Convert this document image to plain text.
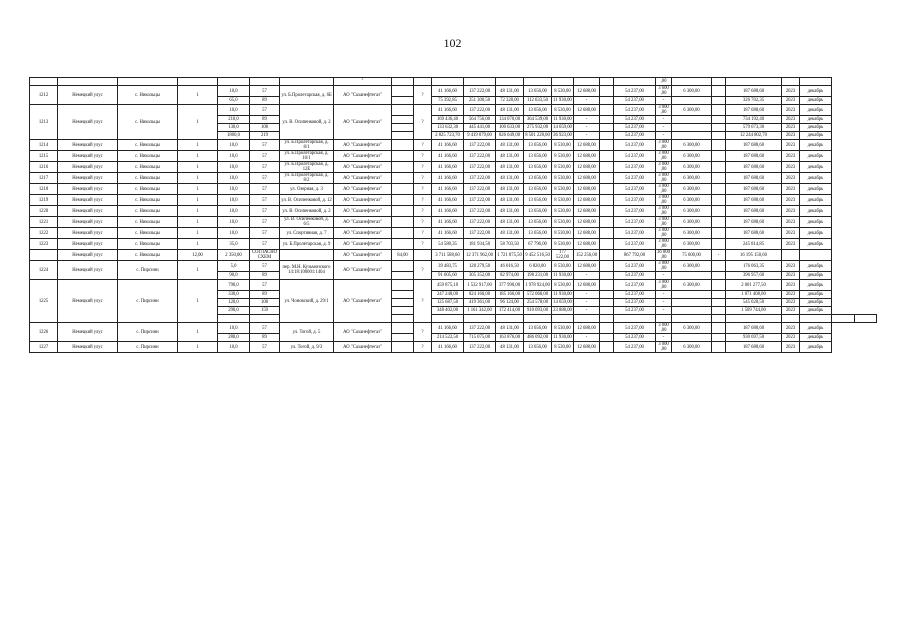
102
							"											,00							
1212	Немецкий улус	с. Никольцы	1	10,0	57	ул. Б.Пролетарская, д. 6Б	АО "Саханефтегаз"		?	41 166,60	137 222,00	48 131,00	13 656,00	8 530,00	12 688,00		54 237,00	3 600 ,00	6 300,00		187 688,60	2023	декабрь		
				65,0	89					75 392,85	251 300,50	72 328,00	112 633,50	11 930,00	-		54 237,00	-			326 702,35	2023	декабрь		
1213	Немецкий улус	с. Никольцы	1	10,0	57	ул. В. Осипенковой, д. 2	АО "Саханефтегаз"		?	41 166,60	137 222,00	48 131,00	13 656,00	8 530,00	12 688,00		54 237,00	3 000 ,00	6 300,00		187 688,60	2023	декабрь		
				210,0	89					169 436,40	564 756,00	134 070,00	364 539,00	11 930,00	-		54 237,00	-			734 192,40	2023	декабрь		
				130,0	108					133 632,30	445 441,00	100 633,00	275 932,00	14 659,00	-		54 237,00	-			579 073,30	2023	декабрь		
				1800,0	219					2 825 723,70	9 419 079,00	826 649,00	8 501 228,00	36 923,00	-		54 237,00	-			12 244 802,70	2023	декабрь		
1214	Немецкий улус	с. Никольцы	1	10,0	57	ул. Б.Пролетарская, д. 8/1	АО "Саханефтегаз"		?	41 166,60	137 222,00	48 131,00	13 656,00	8 530,00	12 688,00		54 237,00	3 000 ,00	6 300,00		187 688,60	2023	декабрь		
1215	Немецкий улус	с. Никольцы	1	10,0	57	ул. Б.Пролетарская, д. 10/1	АО "Саханефтегаз"		?	41 166,60	137 222,00	48 131,00	13 656,00	8 530,00	12 688,00		54 237,00	3 000 ,00	6 300,00		187 688,60	2023	декабрь		
1216	Немецкий улус	с. Никольцы	1	10,0	57	ул. Б.Пролетарская, д. 12Е	АО "Саханефтегаз"		?	41 166,60	137 222,00	48 131,00	13 656,00	8 530,00	12 688,00		54 237,00	3 000 ,00	6 300,00		187 688,60	2023	декабрь		
1217	Немецкий улус	с. Никольцы	1	10,0	57	ул. Б.Пролетарская, д. 8/2	АО "Саханефтегаз"		?	41 166,60	137 222,00	48 131,00	13 656,00	8 530,00	12 688,00		54 237,00	3 000 ,00	6 300,00		187 688,60	2023	декабрь		
1218	Немецкий улус	с. Никольцы	1	10,0	57	ул. Озерная, д. 3	АО "Саханефтегаз"		?	41 166,60	137 222,00	48 131,00	13 656,00	8 530,00	12 688,00		54 237,00	3 000 ,00	6 300,00		187 688,60	2023	декабрь		
1219	Немецкий улус	с. Никольцы	1	10,0	57	ул. В. Осипенковой, д. 12	АО "Саханефтегаз"		?	41 166,60	137 222,00	48 131,00	13 656,00	8 530,00	12 688,00		54 237,00	3 000 ,00	6 300,00		187 688,60	2023	декабрь		
1220	Немецкий улус	с. Никольцы	1	10,0	57	ул. В. Осипенковой, д. 2	АО "Саханефтегаз"		?	41 166,60	137 222,00	48 131,00	13 656,00	8 530,00	12 688,00		54 237,00	3 000 ,00	6 300,00		187 688,60	2023	декабрь		
1221	Немецкий улус	с. Никольцы	1	10,0	57	ул. В. Осипенковой, д. 6/5	АО "Саханефтегаз"		?	41 166,60	137 222,00	48 131,00	13 656,00	8 530,00	12 688,00		54 237,00	3 000 ,00	6 300,00		187 688,60	2023	декабрь		
1222	Немецкий улус	с. Никольцы	1	10,0	57	ул. Спортивная, д. 7	АО "Саханефтегаз"		?	41 166,60	137 222,00	48 131,00	13 656,00	8 530,00	12 688,00		54 237,00	3 000 ,00	6 300,00		187 688,60	2023	декабрь		
1223	Немецкий улус	с. Никольцы	1	35,0	57	ул. Б.Пролетарская, д. 9	АО "Саханефтегаз"		?	54 580,35	181 934,50	58 703,50	67 796,00	8 530,00	12 688,00		54 237,00	3 000 ,00	6 300,00		245 814,85	2023	декабрь		
	Немецкий улус	с. Никольцы	12,00	2 350,00	СОГЛАСНО СХЕМ		АО "Саханефтегаз"	84,00		3 711 588,60	12 371 962,00	1 721 875,50	9 452 516,50	177 522,00	152 256,00		867 792,00	36 000 ,00	75 600,00	-	16 195 150,60				
1224	Немецкий улус	с. Пирсини	1	5,0	57	пер. М.Н. Кузьмонского 14:18:100001:1404	АО "Саханефтегаз"		?	39 483,75	128 279,50	46 016,50	6 820,00	8 530,00	12 688,00		54 237,00	3 000 ,00	6 300,00		176 063,35	2023	декабрь		
				90,0	89					91 605,60	305 352,00	82 974,00	198 231,00	11 930,00	-		54 237,00	-			396 957,60	2023	декабрь		
1225	Немецкий улус	с. Пирсини	1	790,0	57	ул. Чоновский, д. 29/1	АО "Саханефтегаз"		?	459 875,10	1 532 917,00	377 990,00	1 978 924,00	8 530,00	12 688,00		54 237,00	3 000 ,00	6 300,00		2 001 277,50	2023	декабрь		
				330,0	89					247 248,00	824 160,00	185 166,00	572 068,00	11 930,00	-		54 237,00	-			1 071 408,00	2023	декабрь		
				120,0	108					125 687,50	419 361,00	96 124,00	254 578,00	14 659,00	-		54 237,00	-			545 028,50	2023	декабрь		
				290,0	159					348 402,00	1 161 342,00	172 414,00	910 093,00	23 888,00	-		54 237,00	-			1 509 744,00	2023	декабрь		

1226	Немецкий улус	с. Пирсини	1	10,0	57	ул. Тогой, д. 5	АО "Саханефтегаз"		?	41 166,60	137 222,00	48 131,00	13 656,00	8 530,00	12 688,00		54 237,00	3 000 ,00	6 300,00		187 688,60	2023	декабрь		
				280,0	89					214 522,50	715 075,00	163 876,00	486 092,00	11 930,00	-		54 237,00	-			930 697,50	2023	декабрь		
1227	Немецкий улус	с. Пирсини	1	10,0	57	ул. Тогой, д. 9/3	АО "Саханефтегаз"		?	41 166,60	137 222,00	48 131,00	13 656,00	8 530,00	12 688,00		54 237,00	3 000 ,00	6 300,00		187 688,60	2023	декабрь		
